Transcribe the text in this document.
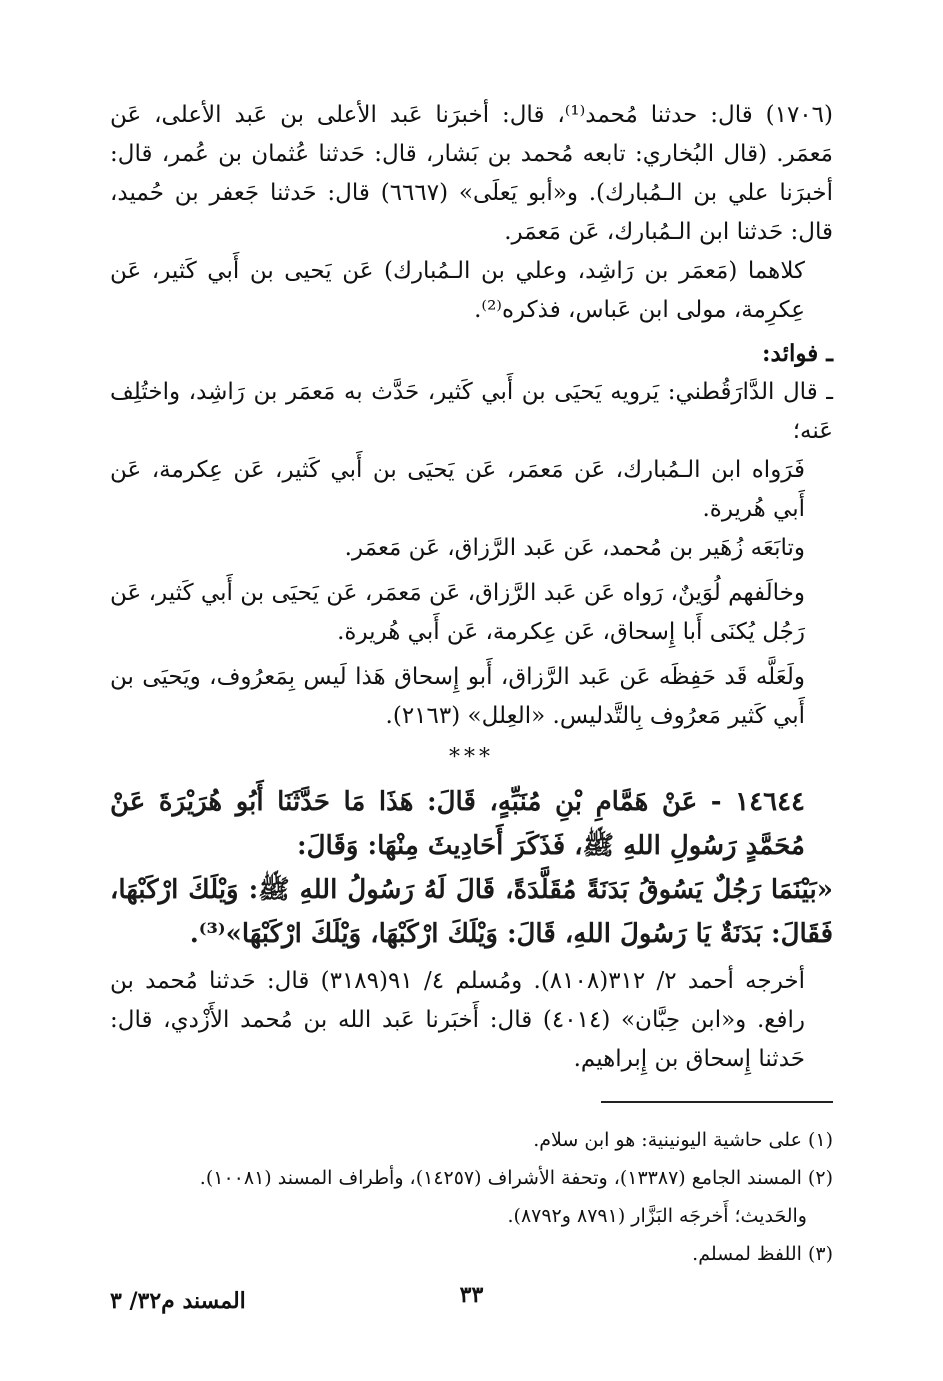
(١٧٠٦) قال: حدثنا مُحمد⁽¹⁾، قال: أخبرَنا عَبد الأعلى بن عَبد الأعلى، عَن مَعمَر. (قال البُخاري: تابعه مُحمد بن بَشار، قال: حَدثنا عُثمان بن عُمر، قال: أخبرَنا علي بن الـمُبارك). و«أبو يَعلَى» (٦٦٦٧) قال: حَدثنا جَعفر بن حُميد، قال: حَدثنا ابن الـمُبارك، عَن مَعمَر.

كلاهما (مَعمَر بن رَاشِد، وعلي بن الـمُبارك) عَن يَحيى بن أَبي كَثير، عَن عِكرِمة، مولى ابن عَباس، فذكره⁽²⁾.

ـ فوائد:

ـ قال الدَّارَقُطني: يَرويه يَحيَى بن أَبي كَثير، حَدَّث به مَعمَر بن رَاشِد، واختُلِف عَنه؛

فَرَواه ابن الـمُبارك، عَن مَعمَر، عَن يَحيَى بن أَبي كَثير، عَن عِكرمة، عَن أَبي هُريرة.

وتابَعَه زُهَير بن مُحمد، عَن عَبد الرَّزاق، عَن مَعمَر.

وخالَفهم لُوَينٌ، رَواه عَن عَبد الرَّزاق، عَن مَعمَر، عَن يَحيَى بن أَبي كَثير، عَن رَجُل يُكنَى أَبا إِسحاق، عَن عِكرمة، عَن أَبي هُريرة.

ولَعَلَّه قَد حَفِظَه عَن عَبد الرَّزاق، أَبو إِسحاق هَذا لَيس بِمَعرُوف، ويَحيَى بن أَبي كَثير مَعرُوف بِالتَّدليس. «العِلل» (٢١٦٣).

***

١٤٦٤٤ - عَنْ هَمَّامِ بْنِ مُنَبِّهٍ، قَالَ: هَذَا مَا حَدَّثَنَا أَبُو هُرَيْرَةَ عَنْ مُحَمَّدٍ رَسُولِ اللهِ ﷺ، فَذَكَرَ أَحَادِيثَ مِنْهَا: وَقَالَ:

«بَيْنَمَا رَجُلٌ يَسُوقُ بَدَنَةً مُقَلَّدَةً، قَالَ لَهُ رَسُولُ اللهِ ﷺ: وَيْلَكَ ارْكَبْهَا، فَقَالَ: بَدَنَةٌ يَا رَسُولَ اللهِ، قَالَ: وَيْلَكَ ارْكَبْهَا، وَيْلَكَ ارْكَبْهَا»⁽³⁾.

أخرجه أحمد ٢/ ٣١٢(٨١٠٨). ومُسلم ٤/ ٩١(٣١٨٩) قال: حَدثنا مُحمد بن رافع. و«ابن حِبَّان» (٤٠١٤) قال: أَخبَرنا عَبد الله بن مُحمد الأَزْدي، قال: حَدثنا إِسحاق بن إِبراهيم.

(١) على حاشية اليونينية: هو ابن سلام.

(٢) المسند الجامع (١٣٣٨٧)، وتحفة الأشراف (١٤٢٥٧)، وأطراف المسند (١٠٠٨١).

والحَديث؛ أَخرجَه البَزَّار (٨٧٩١ و٨٧٩٢).

(٣) اللفظ لمسلم.

٣٣
المسند م٣٢/ ٣
